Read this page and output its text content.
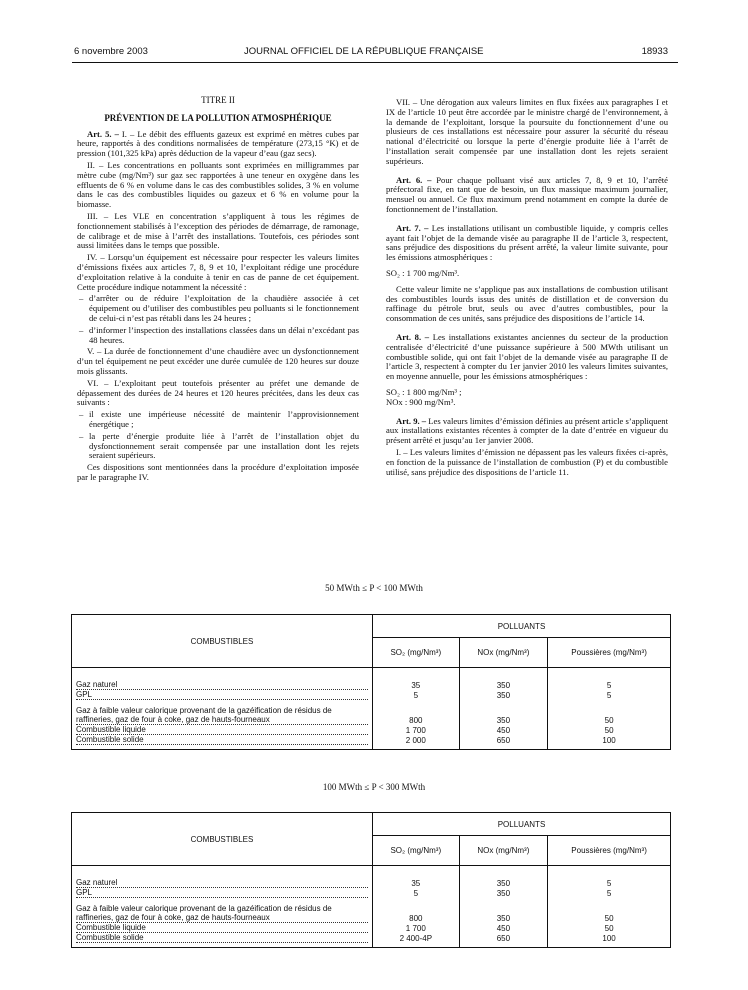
6 novembre 2003	JOURNAL OFFICIEL DE LA RÉPUBLIQUE FRANÇAISE	18933

TITRE II

PRÉVENTION DE LA POLLUTION ATMOSPHÉRIQUE

Art. 5. – I. – Le débit des effluents gazeux est exprimé en mètres cubes par heure, rapportés à des conditions normalisées de température (273,15 °K) et de pression (101,325 kPa) après déduction de la vapeur d’eau (gaz secs).

II. – Les concentrations en polluants sont exprimées en milligrammes par mètre cube (mg/Nm³) sur gaz sec rapportées à une teneur en oxygène dans les effluents de 6 % en volume dans le cas des combustibles solides, 3 % en volume dans le cas des combustibles liquides ou gazeux et 6 % en volume pour la biomasse.

III. – Les VLE en concentration s’appliquent à tous les régimes de fonctionnement stabilisés à l’exception des périodes de démarrage, de ramonage, de calibrage et de mise à l’arrêt des installations. Toutefois, ces périodes sont aussi limitées dans le temps que possible.

IV. – Lorsqu’un équipement est nécessaire pour respecter les valeurs limites d’émissions fixées aux articles 7, 8, 9 et 10, l’exploitant rédige une procédure d’exploitation relative à la conduite à tenir en cas de panne de cet équipement. Cette procédure indique notamment la nécessité :

– d’arrêter ou de réduire l’exploitation de la chaudière associée à cet équipement ou d’utiliser des combustibles peu polluants si le fonctionnement de celui-ci n’est pas rétabli dans les 24 heures ;
– d’informer l’inspection des installations classées dans un délai n’excédant pas 48 heures.

V. – La durée de fonctionnement d’une chaudière avec un dysfonctionnement d’un tel équipement ne peut excéder une durée cumulée de 120 heures sur douze mois glissants.

VI. – L’exploitant peut toutefois présenter au préfet une demande de dépassement des durées de 24 heures et 120 heures précitées, dans les deux cas suivants :

– il existe une impérieuse nécessité de maintenir l’approvisionnement énergétique ;
– la perte d’énergie produite liée à l’arrêt de l’installation objet du dysfonctionnement serait compensée par une installation dont les rejets seraient supérieurs.

Ces dispositions sont mentionnées dans la procédure d’exploitation imposée par le paragraphe IV.

VII. – Une dérogation aux valeurs limites en flux fixées aux paragraphes I et IX de l’article 10 peut être accordée par le ministre chargé de l’environnement, à la demande de l’exploitant, lorsque la poursuite du fonctionnement d’une ou plusieurs de ces installations est nécessaire pour assurer la sécurité du réseau national d’électricité ou lorsque la perte d’énergie produite liée à l’arrêt de l’installation serait compensée par une installation dont les rejets seraient supérieurs.

Art. 6. – Pour chaque polluant visé aux articles 7, 8, 9 et 10, l’arrêté préfectoral fixe, en tant que de besoin, un flux massique maximum journalier, mensuel ou annuel. Ce flux maximum prend notamment en compte la durée de fonctionnement de l’installation.

Art. 7. – Les installations utilisant un combustible liquide, y compris celles ayant fait l’objet de la demande visée au paragraphe II de l’article 3, respectent, sans préjudice des dispositions du présent arrêté, la valeur limite suivante, pour les émissions atmosphériques :

SO₂ : 1 700 mg/Nm³.

Cette valeur limite ne s’applique pas aux installations de combustion utilisant des combustibles lourds issus des unités de distillation et de conversion du raffinage du pétrole brut, seuls ou avec d’autres combustibles, pour la consommation de ces unités, sans préjudice des dispositions de l’article 14.

Art. 8. – Les installations existantes anciennes du secteur de la production centralisée d’électricité d’une puissance supérieure à 500 MWth utilisant un combustible solide, qui ont fait l’objet de la demande visée au paragraphe II de l’article 3, respectent à compter du 1er janvier 2010 les valeurs limites suivantes, en moyenne annuelle, pour les émissions atmosphériques :

SO₂ : 1 800 mg/Nm³ ;
NOx : 900 mg/Nm³.

Art. 9. – Les valeurs limites d’émission définies au présent article s’appliquent aux installations existantes récentes à compter de la date d’entrée en vigueur du présent arrêté et jusqu’au 1er janvier 2008.

I. – Les valeurs limites d’émission ne dépassent pas les valeurs fixées ci-après, en fonction de la puissance de l’installation de combustion (P) et du combustible utilisé, sans préjudice des dispositions de l’article 11.

50 MWth ≤ P < 100 MWth
COMBUSTIBLES	POLLUANTS		
	SO₂ (mg/Nm³)	NOx (mg/Nm³)	Poussières (mg/Nm³)

Gaz naturel	35	350	5

GPL	5	350	5

Gaz à faible valeur calorique provenant de la gazéification de résidus de raffineries, gaz de four à coke, gaz de hauts-fourneaux	800	350	50

Combustible liquide	1 700	450	50

Combustible solide	2 000	650	100
100 MWth ≤ P < 300 MWth
COMBUSTIBLES	POLLUANTS		
	SO₂ (mg/Nm³)	NOx (mg/Nm³)	Poussières (mg/Nm³)

Gaz naturel	35	350	5

GPL	5	350	5

Gaz à faible valeur calorique provenant de la gazéification de résidus de raffineries, gaz de four à coke, gaz de hauts-fourneaux	800	350	50

Combustible liquide	1 700	450	50

Combustible solide	2 400-4P	650	100
